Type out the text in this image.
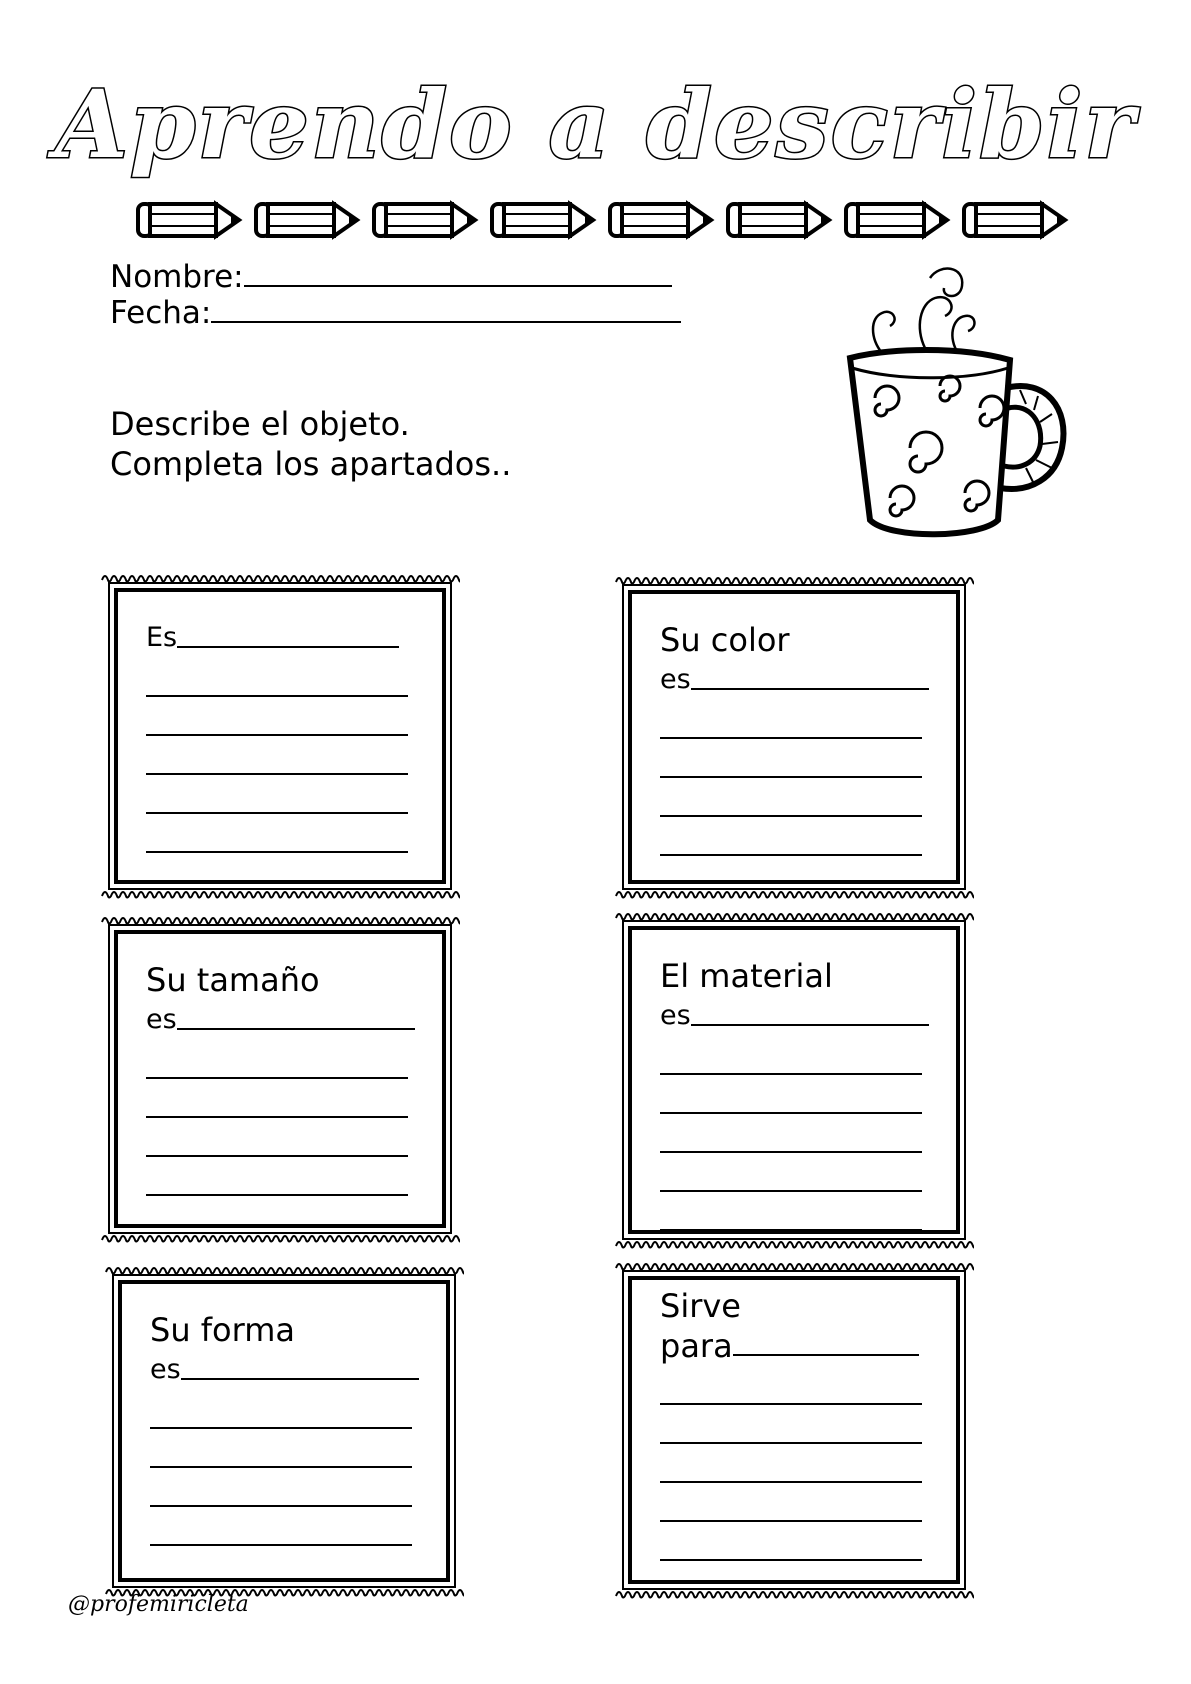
Aprendo a describir
Nombre:
Fecha:
Describe el objeto.
Completa los apartados..
Es	Su color
es
Su tamaño
es
El material
es
Su forma
es
Sirve
para
@profemiricleta
